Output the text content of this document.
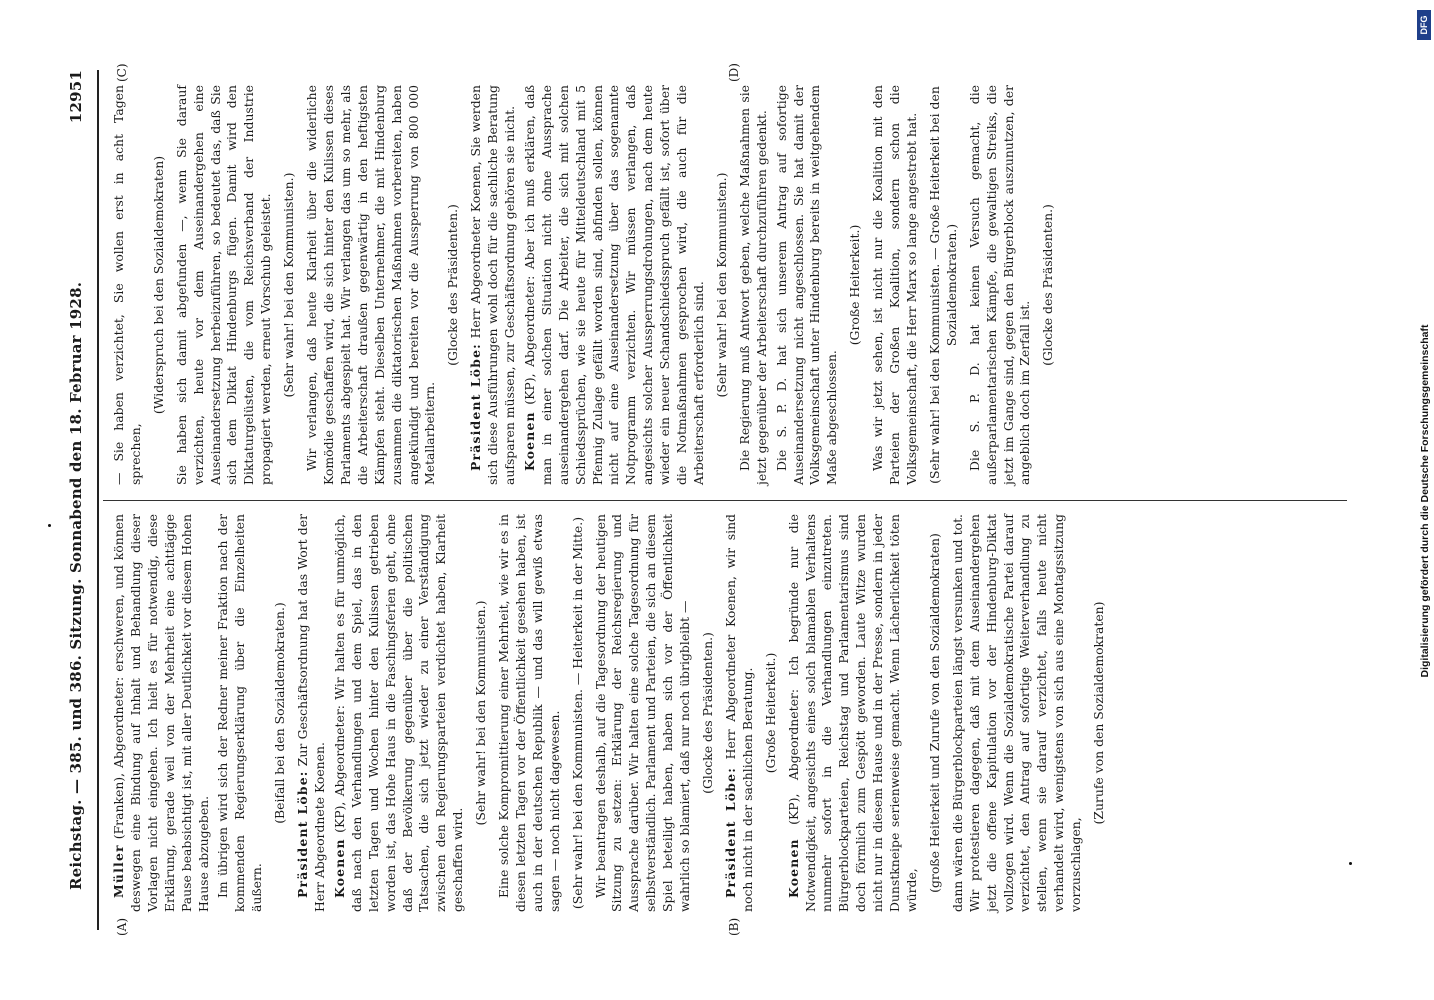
Reichstag. — 385. und 386. Sitzung. Sonnabend den 18. Februar 1928.
12951
(A)	(B)
(C)	(D)

Müller (Franken), Abgeordneter: erschweren, und können deswegen eine Bindung auf Inhalt und Behandlung dieser Vorlagen nicht eingehen. Ich hielt es für notwendig, diese Erklärung, gerade weil von der Mehrheit eine achttägige Pause beabsichtigt ist, mit aller Deutlichkeit vor diesem Hohen Hause abzugeben. Im übrigen wird sich der Redner meiner Fraktion nach der kommenden Regierungserklärung über die Einzelheiten äußern.

(Beifall bei den Sozialdemokraten.)

Präsident Löbe: Zur Geschäftsordnung hat das Wort der Herr Abgeordnete Koenen. Koenen (KP), Abgeordneter: Wir halten es für unmöglich, daß nach den Verhandlungen und dem Spiel, das in den letzten Tagen und Wochen hinter den Kulissen getrieben worden ist, das Hohe Haus in die Faschingsferien geht, ohne daß der Bevölkerung gegenüber über die politischen Tatsachen, die sich jetzt wieder zu einer Verständigung zwischen den Regierungsparteien verdichtet haben, Klarheit geschaffen wird.

(Sehr wahr! bei den Kommunisten.) Eine solche Kompromittierung einer Mehrheit, wie wir es in diesen letzten Tagen vor der Öffentlichkeit gesehen haben, ist auch in der deutschen Republik — und das will gewiß etwas sagen — noch nicht dagewesen. (Sehr wahr! bei den Kommunisten. — Heiterkeit in der Mitte.) Wir beantragen deshalb, auf die Tagesordnung der heutigen Sitzung zu setzen: Erklärung der Reichsregierung und Aussprache darüber. Wir halten eine solche Tagesordnung für selbstverständlich. Parlament und Parteien, die sich an diesem Spiel beteiligt haben, haben sich vor der Öffentlichkeit wahrlich so blamiert, daß nur noch übrigbleibt — (Glocke des Präsidenten.)

Präsident Löbe: Herr Abgeordneter Koenen, wir sind noch nicht in der sachlichen Beratung. (Große Heiterkeit.)

Koenen (KP), Abgeordneter: Ich begründe nur die Notwendigkeit, angesichts eines solch blamablen Verhaltens nunmehr sofort in die Verhandlungen einzutreten. Bürgerblockparteien, Reichstag und Parlamentarismus sind doch förmlich zum Gespött geworden. Laute Witze wurden nicht nur in diesem Hause und in der Presse, sondern in jeder Dunstkneipe serienweise gemacht. Wenn Lächerlichkeit töten würde, (große Heiterkeit und Zurufe von den Sozialdemokraten) dann wären die Bürgerblockparteien längst versunken und tot. Wir protestieren dagegen, daß mit dem Auseinandergehen jetzt die offene Kapitulation vor der Hindenburg-Diktat vollzogen wird. Wenn die Sozialdemokratische Partei darauf verzichtet, den Antrag auf sofortige Weiterverhandlung zu stellen, wenn sie darauf verzichtet, falls heute nicht verhandelt wird, wenigstens von sich aus eine Montagssitzung vorzuschlagen,

(Zurufe von den Sozialdemokraten)

— Sie haben verzichtet, Sie wollen erst in acht Tagen sprechen,

(Widerspruch bei den Sozialdemokraten) Sie haben sich damit abgefunden —, wenn Sie darauf verzichten, heute vor dem Auseinandergehen eine Auseinandersetzung herbeizuführen, so bedeutet das, daß Sie sich dem Diktat Hindenburgs fügen. Damit wird den Diktaturgelüsten, die vom Reichsverband der Industrie propagiert werden, erneut Vorschub geleistet. (Sehr wahr! bei den Kommunisten.) Wir verlangen, daß heute Klarheit über die widerliche Komödie geschaffen wird, die sich hinter den Kulissen dieses Parlaments abgespielt hat. Wir verlangen das um so mehr, als die Arbeiterschaft draußen gegenwärtig in den heftigsten Kämpfen steht. Dieselben Unternehmer, die mit Hindenburg zusammen die diktatorischen Maßnahmen vorbereiten, haben angekündigt und bereiten vor die Aussperrung von 800 000 Metallarbeitern.

(Glocke des Präsidenten.)

Präsident Löbe: Herr Abgeordneter Koenen, Sie werden sich diese Ausführungen wohl doch für die sachliche Beratung aufsparen müssen, zur Geschäftsordnung gehören sie nicht. Koenen (KP), Abgeordneter: Aber ich muß erklären, daß man in einer solchen Situation nicht ohne Aussprache auseinandergehen darf. Die Arbeiter, die sich mit solchen Schiedssprüchen, wie sie heute für Mitteldeutschland mit 5 Pfennig Zulage gefällt worden sind, abfinden sollen, können nicht auf eine Auseinandersetzung über das sogenannte Notprogramm verzichten. Wir müssen verlangen, daß angesichts solcher Aussperrungsdrohungen, nach dem heute wieder ein neuer Schandschiedsspruch gefällt ist, sofort über die Notmaßnahmen gesprochen wird, die auch für die Arbeiterschaft erforderlich sind. (Sehr wahr! bei den Kommunisten.) Die Regierung muß Antwort geben, welche Maßnahmen sie jetzt gegenüber der Arbeiterschaft durchzuführen gedenkt. Die S. P. D. hat sich unserem Antrag auf sofortige Auseinandersetzung nicht angeschlossen. Sie hat damit der Volksgemeinschaft unter Hindenburg bereits in weitgehendem Maße abgeschlossen.

(Große Heiterkeit.) Was wir jetzt sehen, ist nicht nur die Koalition mit den Parteien der Großen Koalition, sondern schon die Volksgemeinschaft, die Herr Marx so lange angestrebt hat. (Sehr wahr! bei den Kommunisten. — Große Heiterkeit bei den Sozialdemokraten.) Die S. P. D. hat keinen Versuch gemacht, die außerparlamentarischen Kämpfe, die gewaltigen Streiks, die jetzt im Gange sind, gegen den Bürgerblock auszunutzen, der angeblich doch im Zerfall ist.

(Glocke des Präsidenten.)

DFG
Digitalisierung gefördert durch die Deutsche Forschungsgemeinschaft
